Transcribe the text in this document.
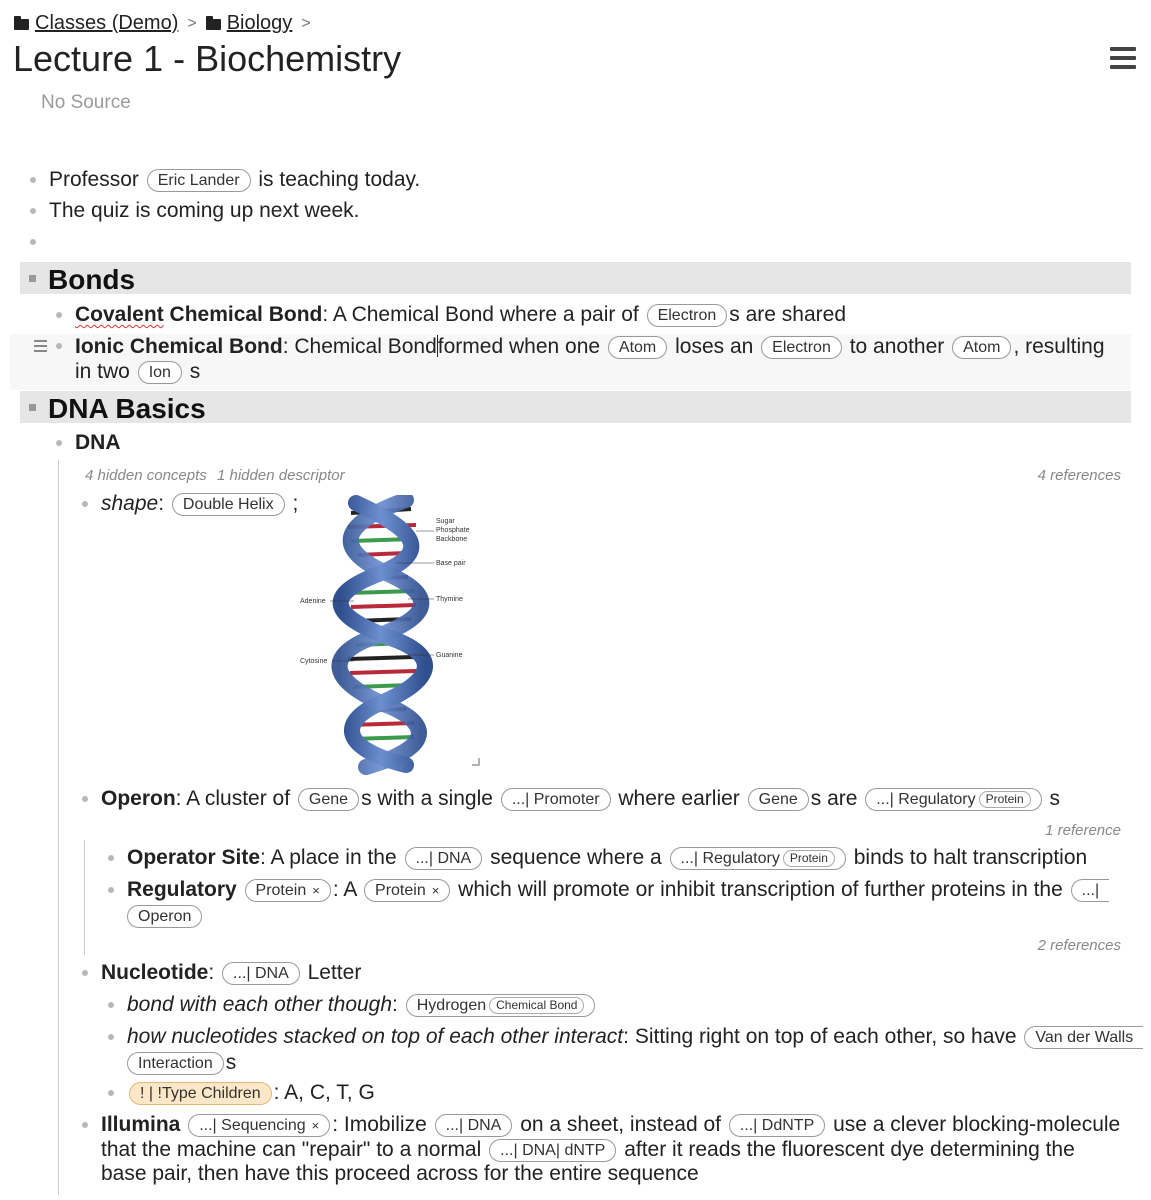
Classes (Demo) > Biology >
Lecture 1 - Biochemistry
No Source
Professor Eric Lander is teaching today.
The quiz is coming up next week.
Bonds
Covalent Chemical Bond: A Chemical Bond where a pair of Electron s are shared
Ionic Chemical Bond: Chemical Bondformed when one Atom loses an Electron to another Atom , resulting in two Ion s
DNA Basics
DNA
4 hidden concepts 1 hidden descriptor	4 references
shape: Double Helix ;
Sugar
Phosphate
Backbone
Base pair
Adenine	Thymine
Cytosine
Guanine
Operon: A cluster of Gene s with a single ...| Promoter where earlier Gene s are ...| Regulatory Protein s
1 reference
Operator Site: A place in the ...| DNA sequence where a ...| Regulatory Protein binds to halt transcription
Regulatory Protein × : A Protein × which will promote or inhibit transcription of further proteins in the ...|
Operon
2 references
Nucleotide: ...| DNA Letter
bond with each other though: Hydrogen Chemical Bond
how nucleotides stacked on top of each other interact: Sitting right on top of each other, so have Van der Walls
Interaction s
! | !Type Children : A, C, T, G
Illumina ...| Sequencing × : Imobilize ...| DNA on a sheet, instead of ...| DdNTP use a clever blocking-molecule
that the machine can "repair" to a normal ...| DNA| dNTP after it reads the fluorescent dye determining the
base pair, then have this proceed across for the entire sequence
